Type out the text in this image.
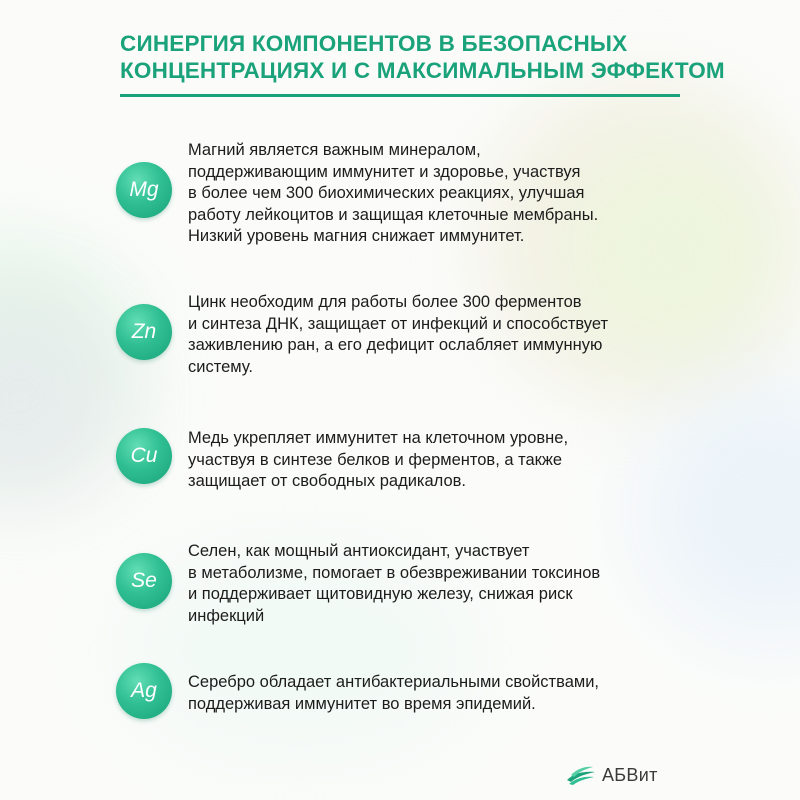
СИНЕРГИЯ КОМПОНЕНТОВ В БЕЗОПАСНЫХ
КОНЦЕНТРАЦИЯХ И С МАКСИМАЛЬНЫМ ЭФФЕКТОМ
Mg

Магний является важным минералом,
поддерживающим иммунитет и здоровье, участвуя
в более чем 300 биохимических реакциях, улучшая
работу лейкоцитов и защищая клеточные мембраны.
Низкий уровень магния снижает иммунитет.

Zn

Цинк необходим для работы более 300 ферментов
и синтеза ДНК, защищает от инфекций и способствует
заживлению ран, а его дефицит ослабляет иммунную
систему.

Cu

Медь укрепляет иммунитет на клеточном уровне,
участвуя в синтезе белков и ферментов, а также
защищает от свободных радикалов.

Se

Селен, как мощный антиоксидант, участвует
в метаболизме, помогает в обезвреживании токсинов
и поддерживает щитовидную железу, снижая риск
инфекций

Ag	Серебро обладает антибактериальными свойствами,
поддерживая иммунитет во время эпидемий.

АБВит
